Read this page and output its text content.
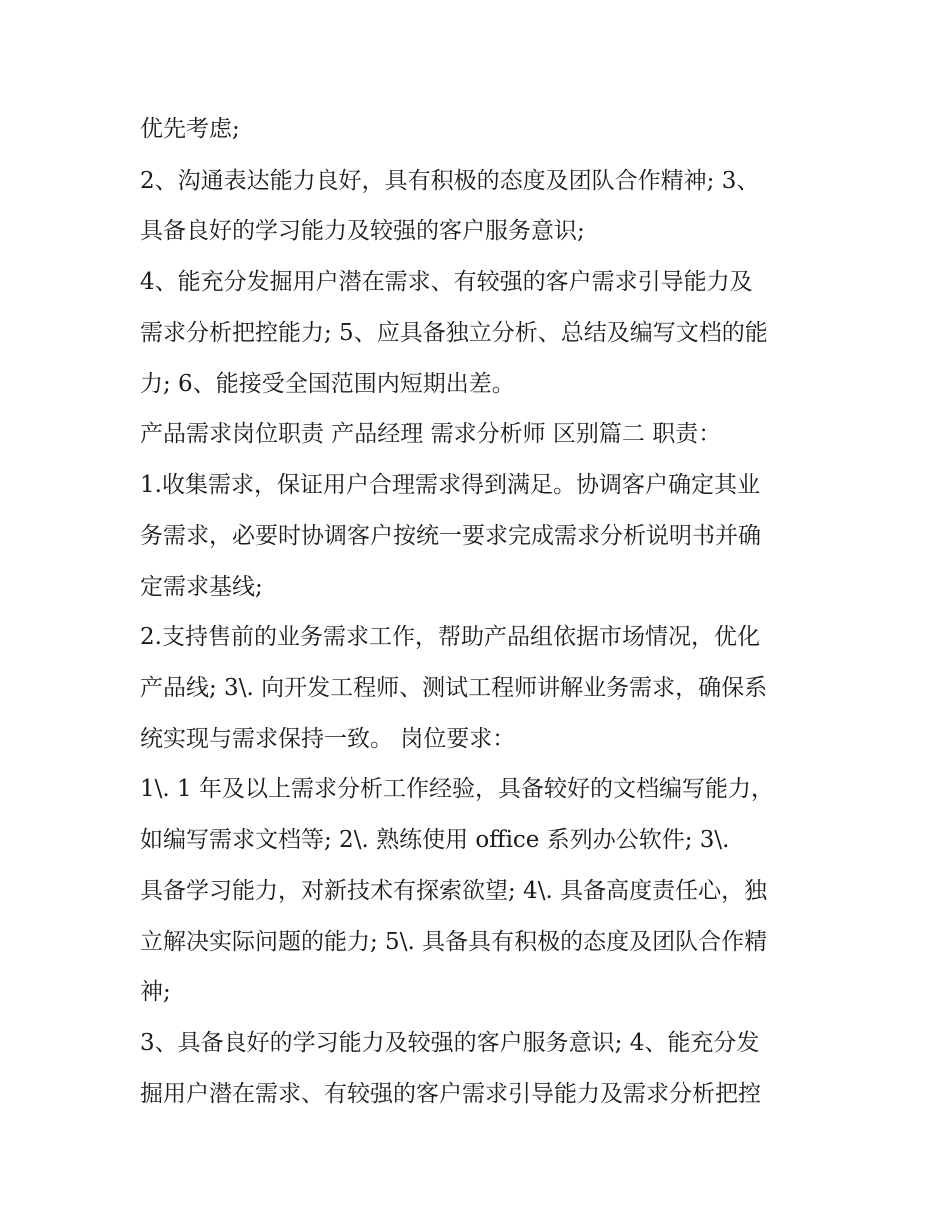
优先考虑;
2、沟通表达能力良好，具有积极的态度及团队合作精神; 3、
具备良好的学习能力及较强的客户服务意识;
4、能充分发掘用户潜在需求、有较强的客户需求引导能力及
需求分析把控能力; 5、应具备独立分析、总结及编写文档的能
力; 6、能接受全国范围内短期出差。
产品需求岗位职责 产品经理 需求分析师 区别篇二 职责：
1.收集需求，保证用户合理需求得到满足。协调客户确定其业
务需求，必要时协调客户按统一要求完成需求分析说明书并确
定需求基线;
2.支持售前的业务需求工作，帮助产品组依据市场情况，优化
产品线; 3\. 向开发工程师、测试工程师讲解业务需求，确保系
统实现与需求保持一致。 岗位要求：
1\. 1 年及以上需求分析工作经验，具备较好的文档编写能力，
如编写需求文档等; 2\. 熟练使用 office 系列办公软件; 3\.
具备学习能力，对新技术有探索欲望; 4\. 具备高度责任心，独
立解决实际问题的能力; 5\. 具备具有积极的态度及团队合作精
神;
3、具备良好的学习能力及较强的客户服务意识; 4、能充分发
掘用户潜在需求、有较强的客户需求引导能力及需求分析把控
